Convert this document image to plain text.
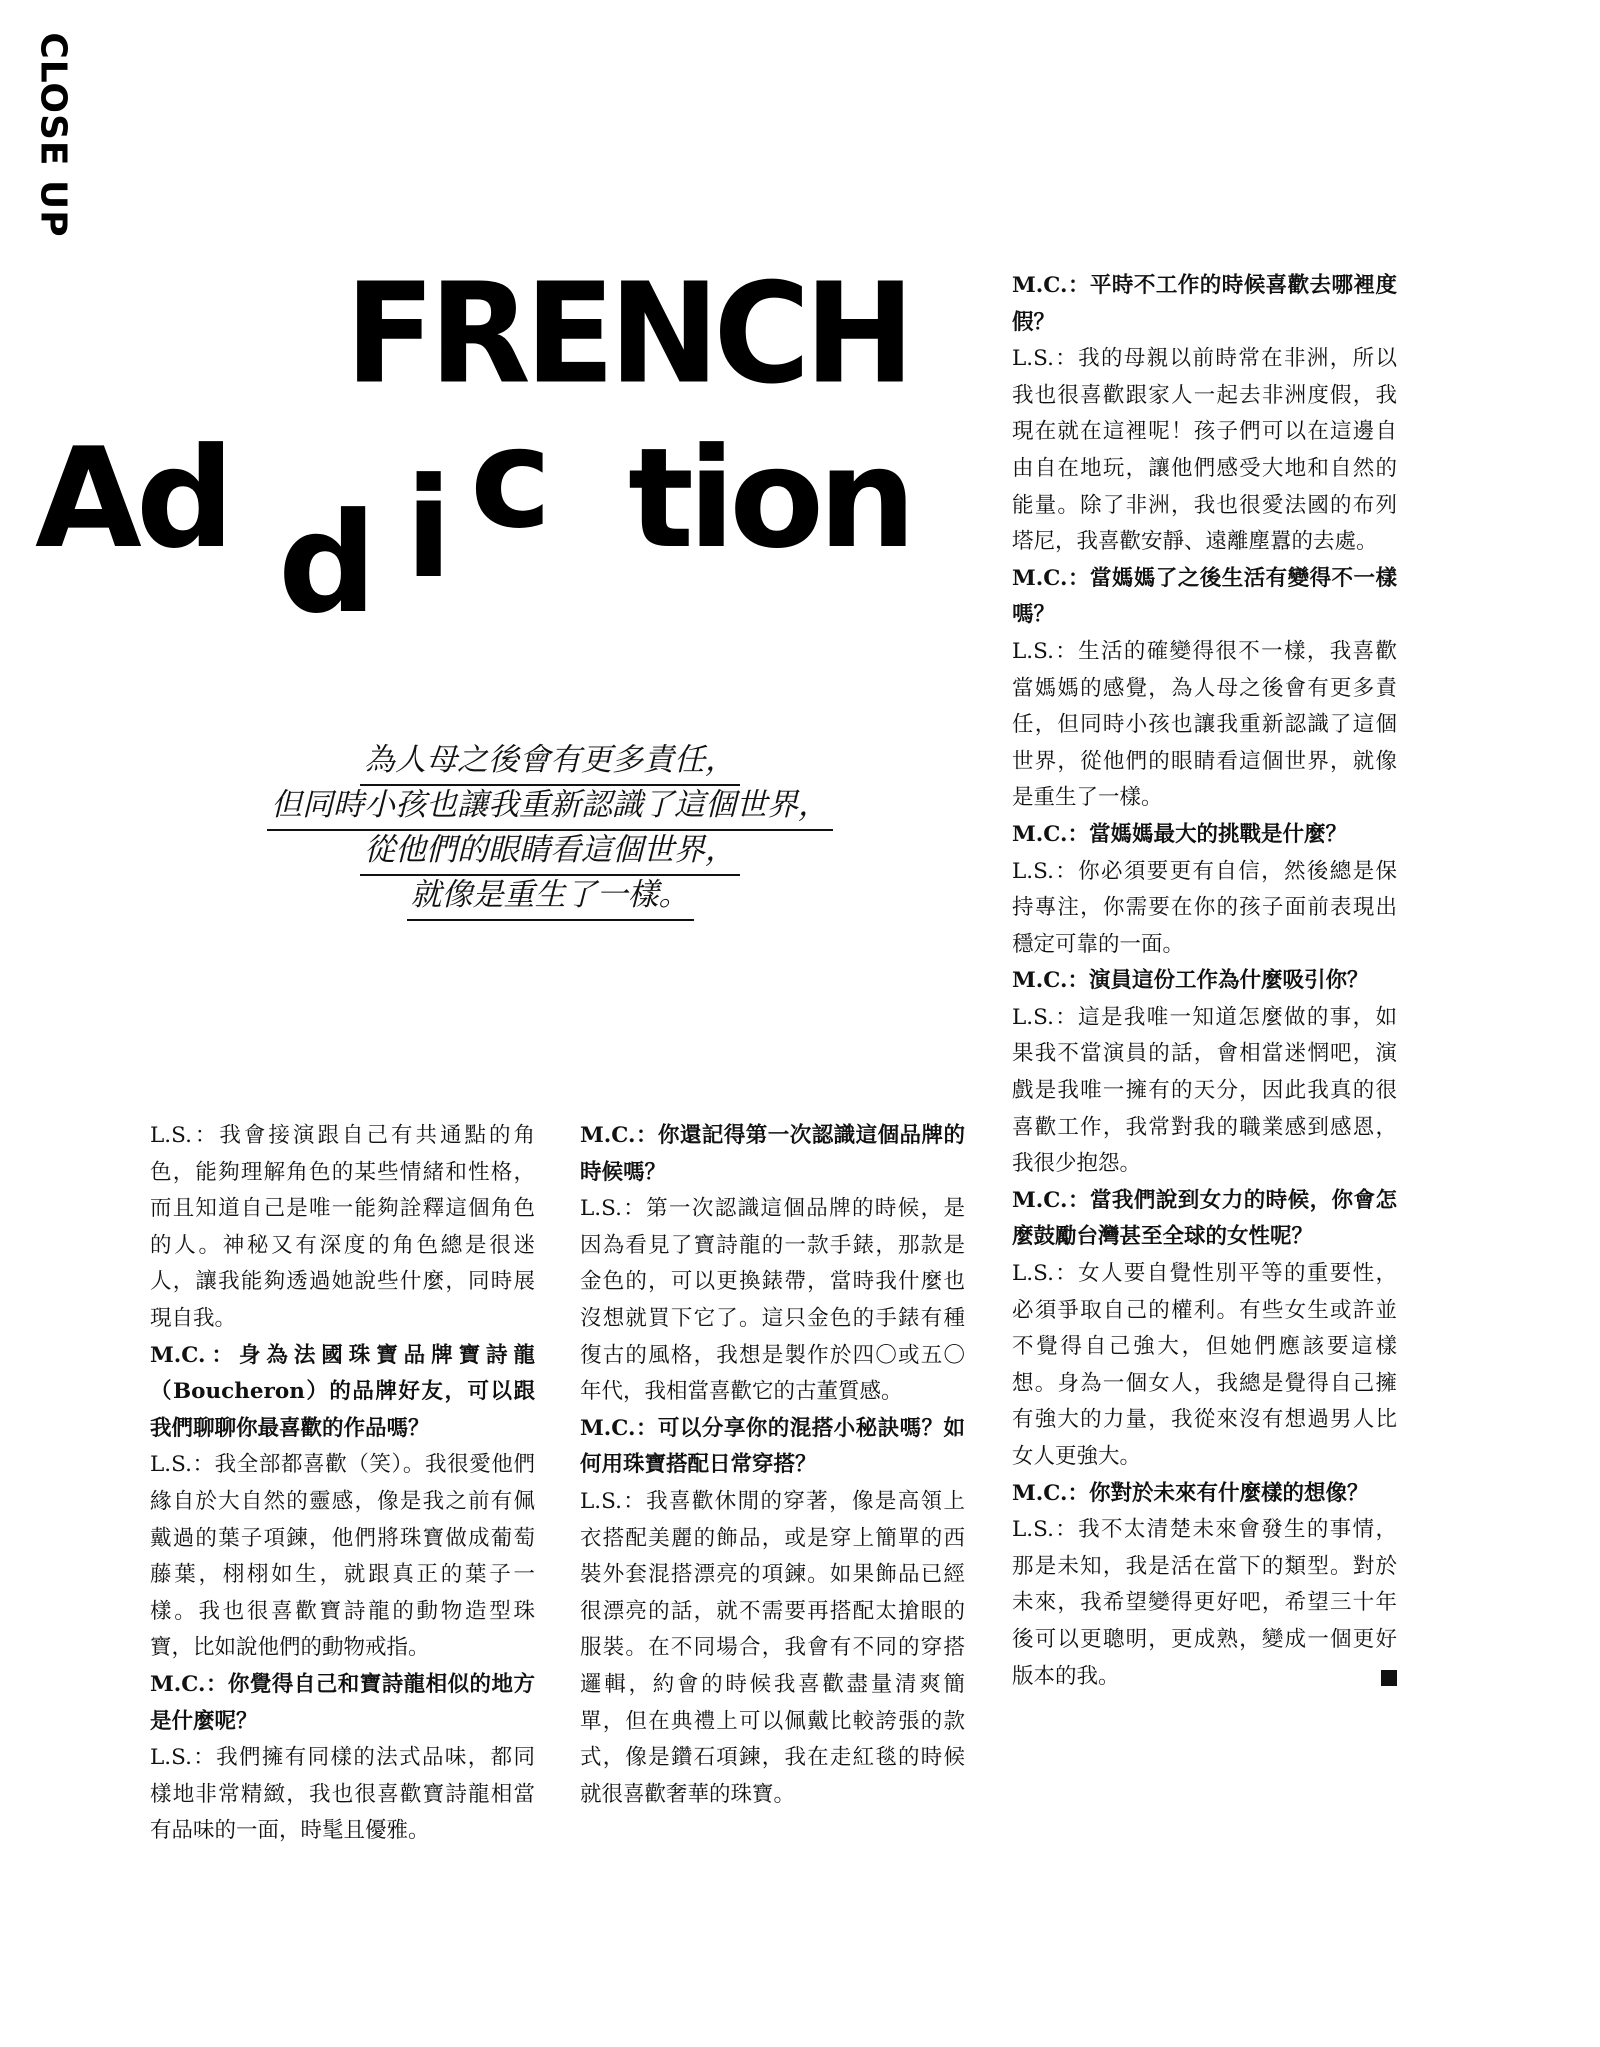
CLOSE UP
FRENCH
Ad d i c tion
為人母之後會有更多責任，
但同時小孩也讓我重新認識了這個世界，
從他們的眼睛看這個世界，
就像是重生了一樣。

L.S.：我會接演跟自己有共通點的角色，能夠理解角色的某些情緒和性格，而且知道自己是唯一能夠詮釋這個角色的人。神秘又有深度的角色總是很迷人，讓我能夠透過她說些什麼，同時展現自我。

M.C.：身為法國珠寶品牌寶詩龍（Boucheron）的品牌好友，可以跟我們聊聊你最喜歡的作品嗎？

L.S.：我全部都喜歡（笑）。我很愛他們緣自於大自然的靈感，像是我之前有佩戴過的葉子項鍊，他們將珠寶做成葡萄藤葉，栩栩如生，就跟真正的葉子一樣。我也很喜歡寶詩龍的動物造型珠寶，比如說他們的動物戒指。

M.C.：你覺得自己和寶詩龍相似的地方是什麼呢？

L.S.：我們擁有同樣的法式品味，都同樣地非常精緻，我也很喜歡寶詩龍相當有品味的一面，時髦且優雅。

M.C.：你還記得第一次認識這個品牌的時候嗎？

L.S.：第一次認識這個品牌的時候，是因為看見了寶詩龍的一款手錶，那款是金色的，可以更換錶帶，當時我什麼也沒想就買下它了。這只金色的手錶有種復古的風格，我想是製作於四〇或五〇年代，我相當喜歡它的古董質感。

M.C.：可以分享你的混搭小秘訣嗎？如何用珠寶搭配日常穿搭？

L.S.：我喜歡休閒的穿著，像是高領上衣搭配美麗的飾品，或是穿上簡單的西裝外套混搭漂亮的項鍊。如果飾品已經很漂亮的話，就不需要再搭配太搶眼的服裝。在不同場合，我會有不同的穿搭邏輯，約會的時候我喜歡盡量清爽簡單，但在典禮上可以佩戴比較誇張的款式，像是鑽石項鍊，我在走紅毯的時候就很喜歡奢華的珠寶。

M.C.：平時不工作的時候喜歡去哪裡度假？

L.S.：我的母親以前時常在非洲，所以我也很喜歡跟家人一起去非洲度假，我現在就在這裡呢！孩子們可以在這邊自由自在地玩，讓他們感受大地和自然的能量。除了非洲，我也很愛法國的布列塔尼，我喜歡安靜、遠離塵囂的去處。

M.C.：當媽媽了之後生活有變得不一樣嗎？

L.S.：生活的確變得很不一樣，我喜歡當媽媽的感覺，為人母之後會有更多責任，但同時小孩也讓我重新認識了這個世界，從他們的眼睛看這個世界，就像是重生了一樣。

M.C.：當媽媽最大的挑戰是什麼？

L.S.：你必須要更有自信，然後總是保持專注，你需要在你的孩子面前表現出穩定可靠的一面。

M.C.：演員這份工作為什麼吸引你？

L.S.：這是我唯一知道怎麼做的事，如果我不當演員的話，會相當迷惘吧，演戲是我唯一擁有的天分，因此我真的很喜歡工作，我常對我的職業感到感恩，我很少抱怨。

M.C.：當我們說到女力的時候，你會怎麼鼓勵台灣甚至全球的女性呢？

L.S.：女人要自覺性別平等的重要性，必須爭取自己的權利。有些女生或許並不覺得自己強大，但她們應該要這樣想。身為一個女人，我總是覺得自己擁有強大的力量，我從來沒有想過男人比女人更強大。

M.C.：你對於未來有什麼樣的想像？

L.S.：我不太清楚未來會發生的事情，那是未知，我是活在當下的類型。對於未來，我希望變得更好吧，希望三十年後可以更聰明，更成熟，變成一個更好版本的我。
